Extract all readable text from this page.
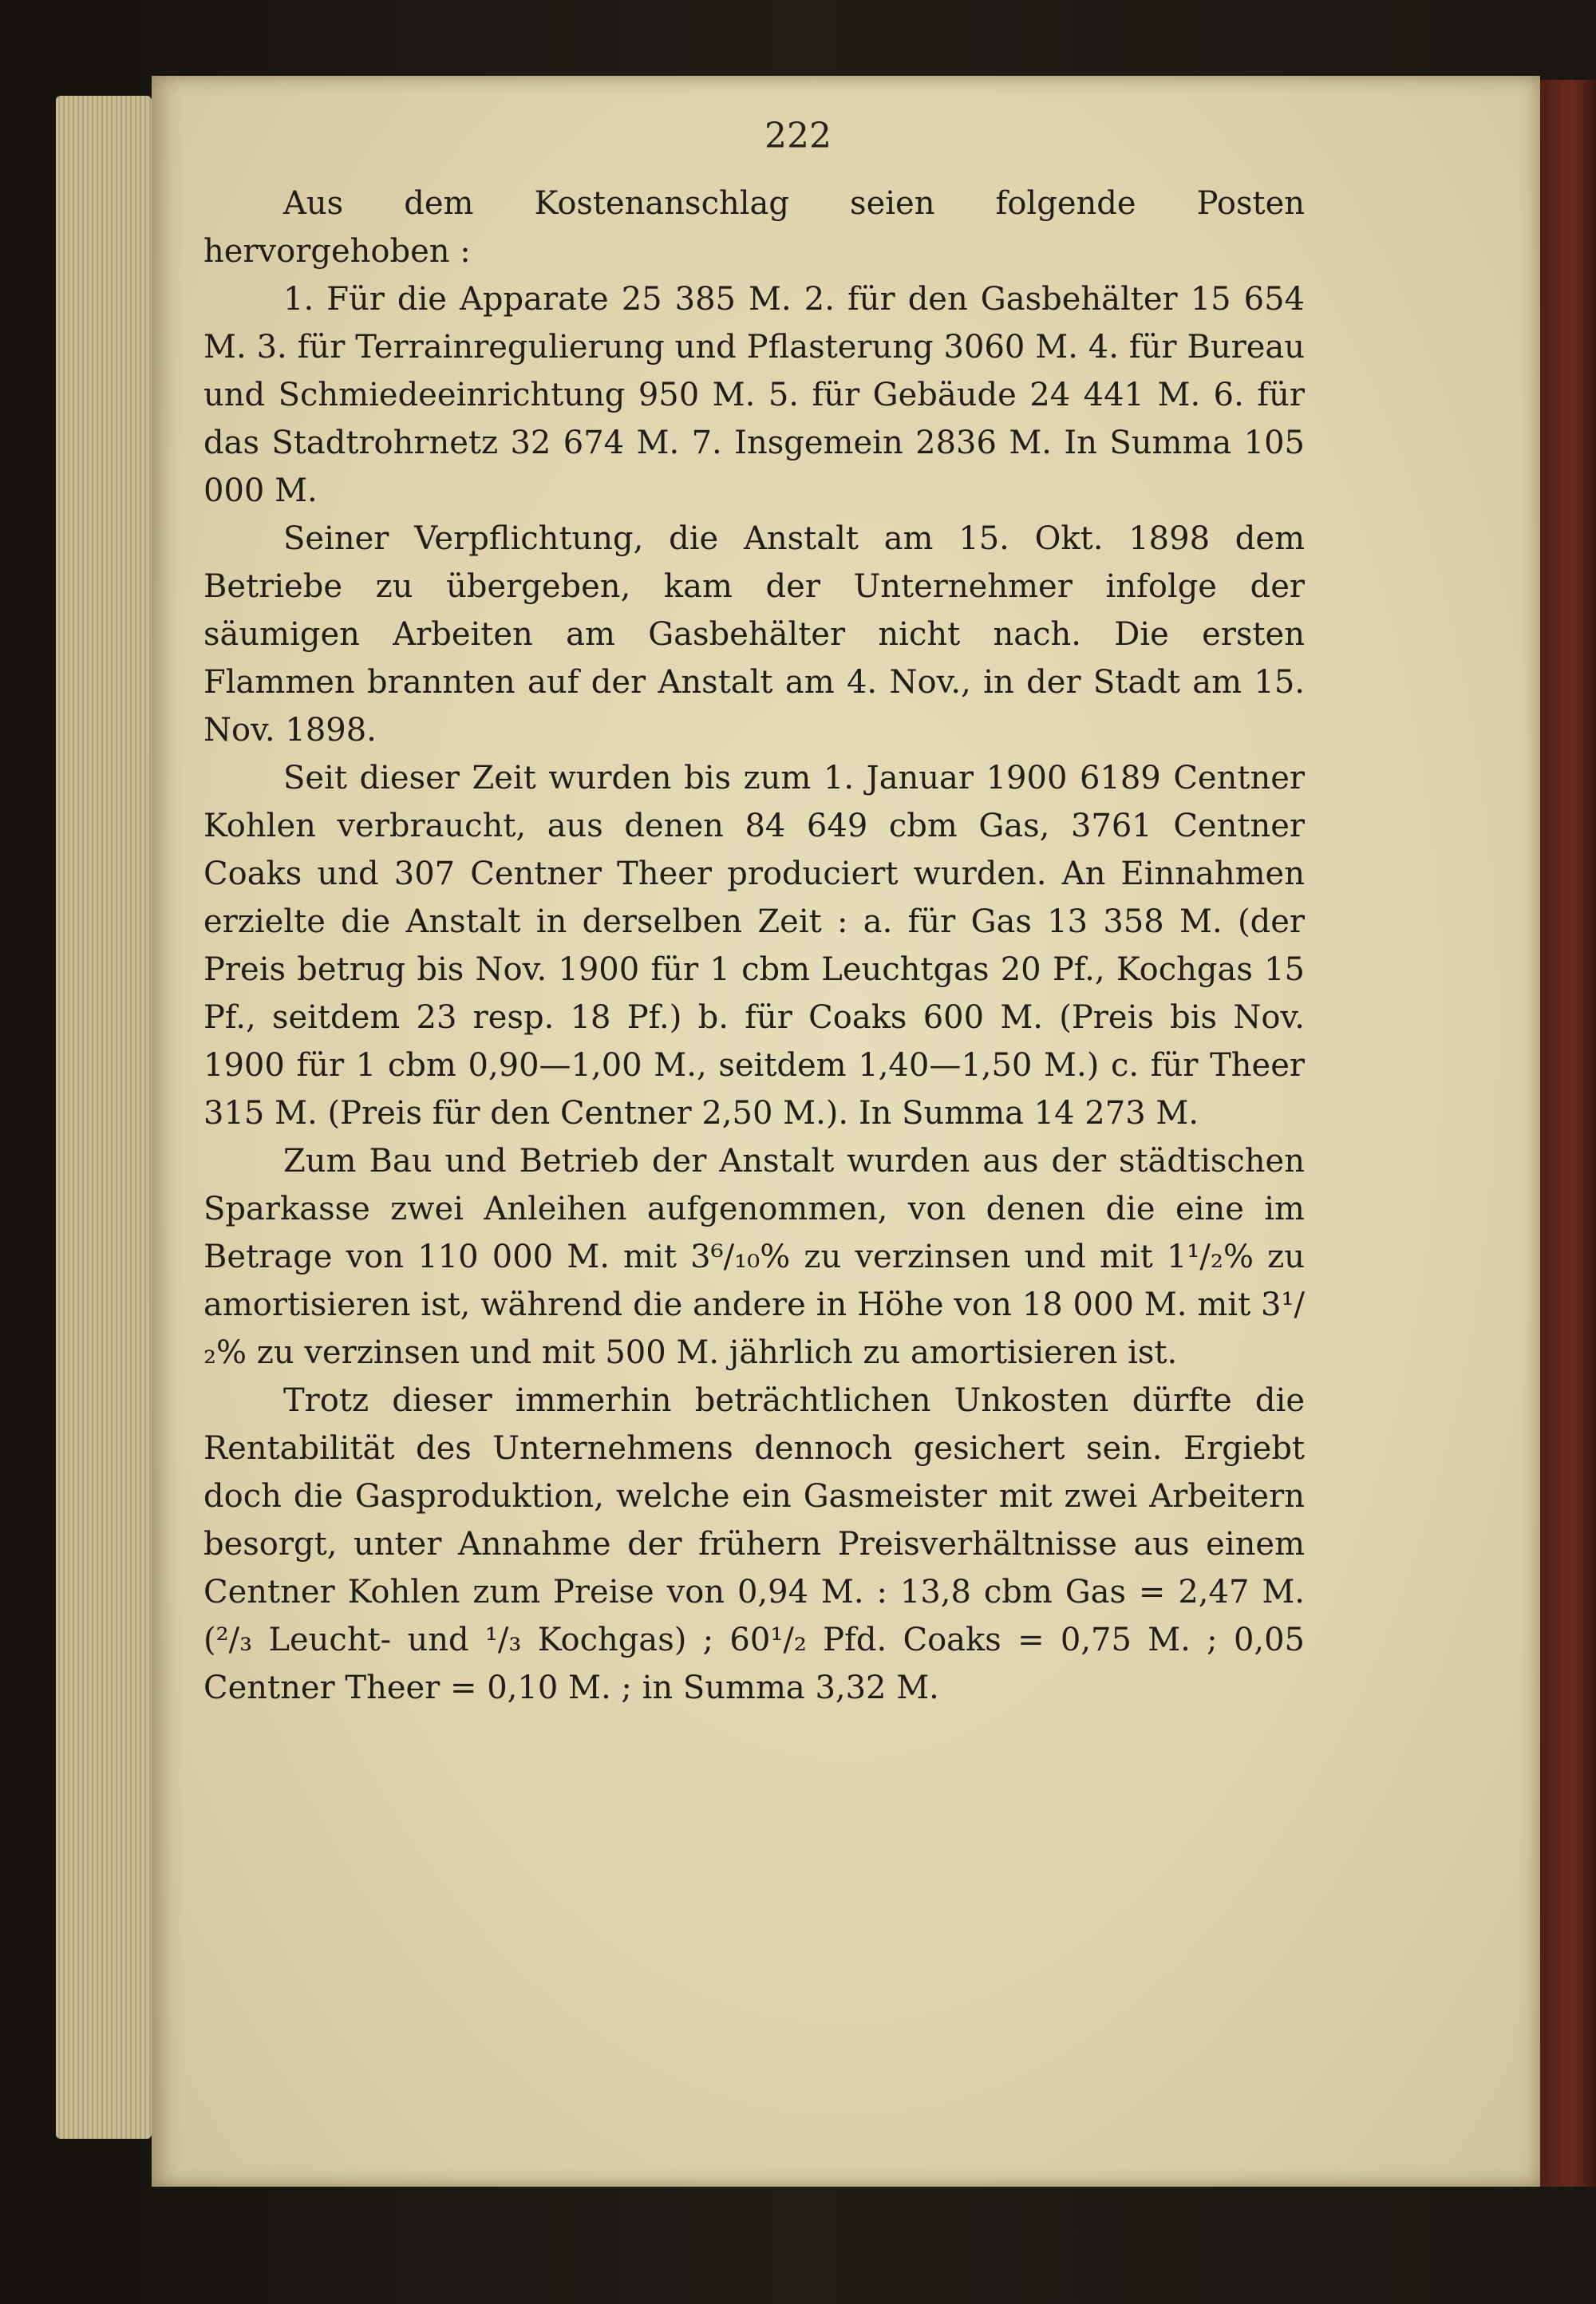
222

Aus dem Kostenanschlag seien folgende Posten hervorgehoben :

1. Für die Apparate 25 385 M. 2. für den Gasbehälter 15 654 M. 3. für Terrainregulierung und Pflasterung 3060 M. 4. für Bureau und Schmiedeeinrichtung 950 M. 5. für Gebäude 24 441 M. 6. für das Stadtrohrnetz 32 674 M. 7. Insgemein 2836 M. In Summa 105 000 M.

Seiner Verpflichtung, die Anstalt am 15. Okt. 1898 dem Betriebe zu übergeben, kam der Unternehmer infolge der säumigen Arbeiten am Gasbehälter nicht nach. Die ersten Flammen brannten auf der Anstalt am 4. Nov., in der Stadt am 15. Nov. 1898.

Seit dieser Zeit wurden bis zum 1. Januar 1900 6189 Centner Kohlen verbraucht, aus denen 84 649 cbm Gas, 3761 Centner Coaks und 307 Centner Theer produciert wurden. An Einnahmen erzielte die Anstalt in derselben Zeit : a. für Gas 13 358 M. (der Preis betrug bis Nov. 1900 für 1 cbm Leuchtgas 20 Pf., Kochgas 15 Pf., seitdem 23 resp. 18 Pf.) b. für Coaks 600 M. (Preis bis Nov. 1900 für 1 cbm 0,90—1,00 M., seitdem 1,40—1,50 M.) c. für Theer 315 M. (Preis für den Centner 2,50 M.). In Summa 14 273 M.

Zum Bau und Betrieb der Anstalt wurden aus der städtischen Sparkasse zwei Anleihen aufgenommen, von denen die eine im Betrage von 110 000 M. mit 3⁶/₁₀% zu verzinsen und mit 1¹/₂% zu amortisieren ist, während die andere in Höhe von 18 000 M. mit 3¹/₂% zu verzinsen und mit 500 M. jährlich zu amortisieren ist.

Trotz dieser immerhin beträchtlichen Unkosten dürfte die Rentabilität des Unternehmens dennoch gesichert sein. Ergiebt doch die Gasproduktion, welche ein Gasmeister mit zwei Arbeitern besorgt, unter Annahme der frühern Preisverhältnisse aus einem Centner Kohlen zum Preise von 0,94 M. : 13,8 cbm Gas = 2,47 M. (²/₃ Leucht- und ¹/₃ Kochgas) ; 60¹/₂ Pfd. Coaks = 0,75 M. ; 0,05 Centner Theer = 0,10 M. ; in Summa 3,32 M.
